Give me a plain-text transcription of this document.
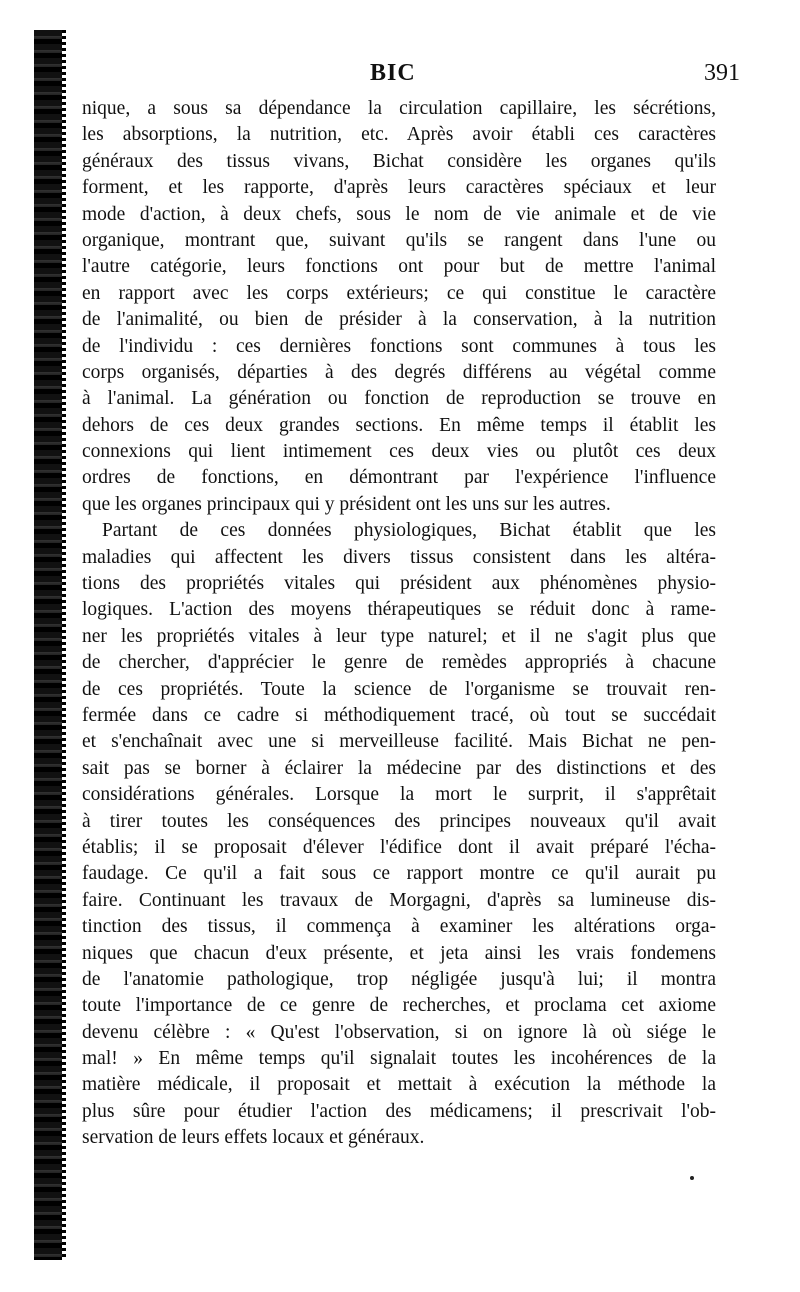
BIC	391
nique, a sous sa dépendance la circulation capillaire, les sécrétions,
les absorptions, la nutrition, etc. Après avoir établi ces caractères
généraux des tissus vivans, Bichat considère les organes qu'ils
forment, et les rapporte, d'après leurs caractères spéciaux et leur
mode d'action, à deux chefs, sous le nom de vie animale et de vie
organique, montrant que, suivant qu'ils se rangent dans l'une ou
l'autre catégorie, leurs fonctions ont pour but de mettre l'animal
en rapport avec les corps extérieurs; ce qui constitue le caractère
de l'animalité, ou bien de présider à la conservation, à la nutrition
de l'individu : ces dernières fonctions sont communes à tous les
corps organisés, départies à des degrés différens au végétal comme
à l'animal. La génération ou fonction de reproduction se trouve en
dehors de ces deux grandes sections. En même temps il établit les
connexions qui lient intimement ces deux vies ou plutôt ces deux
ordres de fonctions, en démontrant par l'expérience l'influence
que les organes principaux qui y président ont les uns sur les autres.
Partant de ces données physiologiques, Bichat établit que les
maladies qui affectent les divers tissus consistent dans les altéra-
tions des propriétés vitales qui président aux phénomènes physio-
logiques. L'action des moyens thérapeutiques se réduit donc à rame-
ner les propriétés vitales à leur type naturel; et il ne s'agit plus que
de chercher, d'apprécier le genre de remèdes appropriés à chacune
de ces propriétés. Toute la science de l'organisme se trouvait ren-
fermée dans ce cadre si méthodiquement tracé, où tout se succédait
et s'enchaînait avec une si merveilleuse facilité. Mais Bichat ne pen-
sait pas se borner à éclairer la médecine par des distinctions et des
considérations générales. Lorsque la mort le surprit, il s'apprêtait
à tirer toutes les conséquences des principes nouveaux qu'il avait
établis; il se proposait d'élever l'édifice dont il avait préparé l'écha-
faudage. Ce qu'il a fait sous ce rapport montre ce qu'il aurait pu
faire. Continuant les travaux de Morgagni, d'après sa lumineuse dis-
tinction des tissus, il commença à examiner les altérations orga-
niques que chacun d'eux présente, et jeta ainsi les vrais fondemens
de l'anatomie pathologique, trop négligée jusqu'à lui; il montra
toute l'importance de ce genre de recherches, et proclama cet axiome
devenu célèbre : « Qu'est l'observation, si on ignore là où siége le
mal! » En même temps qu'il signalait toutes les incohérences de la
matière médicale, il proposait et mettait à exécution la méthode la
plus sûre pour étudier l'action des médicamens; il prescrivait l'ob-
servation de leurs effets locaux et généraux.
